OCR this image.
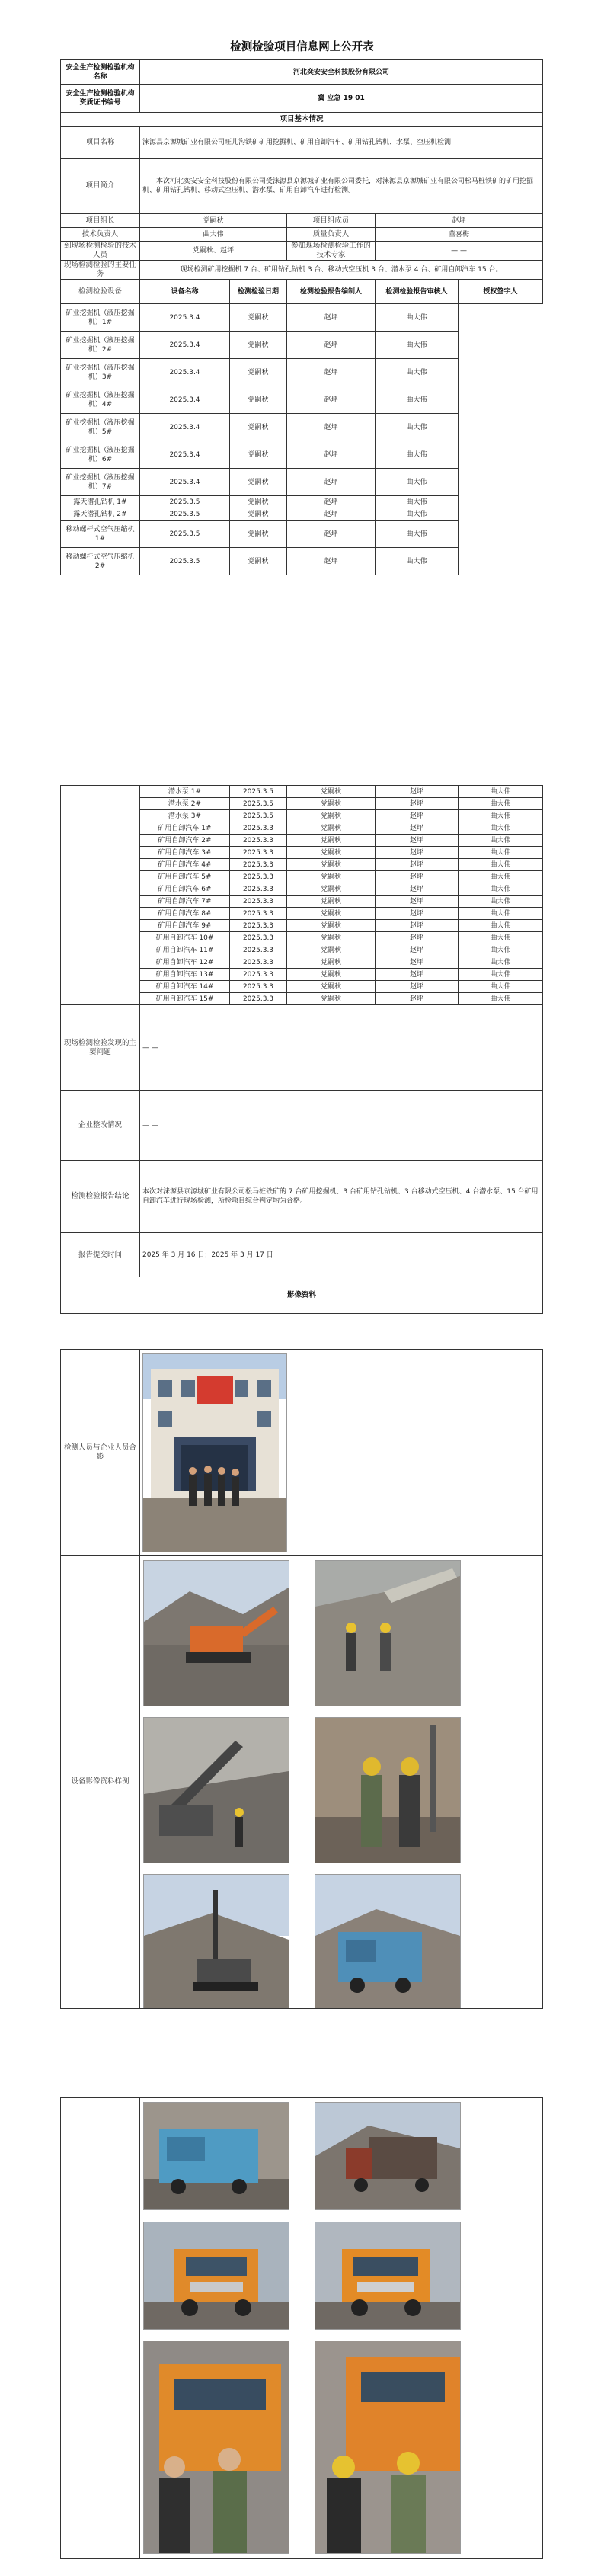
检测检验项目信息网上公开表
安全生产检测检验机构名称	河北奕安安全科技股份有限公司				
安全生产检测检验机构资质证书编号	冀 应急 19 01				
项目基本情况					
项目名称	涞源县京源城矿业有限公司旺儿沟铁矿矿用挖掘机、矿用自卸汽车、矿用钻孔钻机、水泵、空压机检测				
项目简介	本次河北奕安安全科技股份有限公司受涞源县京源城矿业有限公司委托，对涞源县京源城矿业有限公司松马桩铁矿的矿用挖掘机、矿用钻孔钻机、移动式空压机、潜水泵、矿用自卸汽车进行检测。				
项目组长	党嗣秋		项目组成员	赵坪	
技术负责人	曲大伟		质量负责人	董喜梅	
到现场检测检验的技术人员	党嗣秋、赵坪		参加现场检测检验工作的技术专家	— —	
现场检测检验的主要任务	现场检测矿用挖掘机 7 台、矿用钻孔钻机 3 台、移动式空压机 3 台、潜水泵 4 台、矿用自卸汽车 15 台。				
检测检验设备	设备名称	检测检验日期	检测检验报告编制人	检测检验报告审核人	授权签字人
矿业挖掘机（液压挖掘机）1#	2025.3.4	党嗣秋	赵坪	曲大伟	
矿业挖掘机（液压挖掘机）2#	2025.3.4	党嗣秋	赵坪	曲大伟	
矿业挖掘机（液压挖掘机）3#	2025.3.4	党嗣秋	赵坪	曲大伟	
矿业挖掘机（液压挖掘机）4#	2025.3.4	党嗣秋	赵坪	曲大伟	
矿业挖掘机（液压挖掘机）5#	2025.3.4	党嗣秋	赵坪	曲大伟	
矿业挖掘机（液压挖掘机）6#	2025.3.4	党嗣秋	赵坪	曲大伟	
矿业挖掘机（液压挖掘机）7#	2025.3.4	党嗣秋	赵坪	曲大伟	
露天潜孔钻机 1#	2025.3.5	党嗣秋	赵坪	曲大伟	
露天潜孔钻机 2#	2025.3.5	党嗣秋	赵坪	曲大伟	
移动螺杆式空气压缩机 1#	2025.3.5	党嗣秋	赵坪	曲大伟	
移动螺杆式空气压缩机 2#	2025.3.5	党嗣秋	赵坪	曲大伟	
	潜水泵 1#	2025.3.5	党嗣秋	赵坪	曲大伟
	潜水泵 2#	2025.3.5	党嗣秋	赵坪	曲大伟
	潜水泵 3#	2025.3.5	党嗣秋	赵坪	曲大伟
	矿用自卸汽车 1#	2025.3.3	党嗣秋	赵坪	曲大伟
	矿用自卸汽车 2#	2025.3.3	党嗣秋	赵坪	曲大伟
	矿用自卸汽车 3#	2025.3.3	党嗣秋	赵坪	曲大伟
	矿用自卸汽车 4#	2025.3.3	党嗣秋	赵坪	曲大伟
	矿用自卸汽车 5#	2025.3.3	党嗣秋	赵坪	曲大伟
	矿用自卸汽车 6#	2025.3.3	党嗣秋	赵坪	曲大伟
	矿用自卸汽车 7#	2025.3.3	党嗣秋	赵坪	曲大伟
	矿用自卸汽车 8#	2025.3.3	党嗣秋	赵坪	曲大伟
	矿用自卸汽车 9#	2025.3.3	党嗣秋	赵坪	曲大伟
	矿用自卸汽车 10#	2025.3.3	党嗣秋	赵坪	曲大伟
	矿用自卸汽车 11#	2025.3.3	党嗣秋	赵坪	曲大伟
	矿用自卸汽车 12#	2025.3.3	党嗣秋	赵坪	曲大伟
	矿用自卸汽车 13#	2025.3.3	党嗣秋	赵坪	曲大伟
	矿用自卸汽车 14#	2025.3.3	党嗣秋	赵坪	曲大伟
	矿用自卸汽车 15#	2025.3.3	党嗣秋	赵坪	曲大伟
现场检测检验发现的主要问题	— —				
企业整改情况	— —				
检测检验报告结论	本次对涞源县京源城矿业有限公司松马桩铁矿的 7 台矿用挖掘机、3 台矿用钻孔钻机、3 台移动式空压机、4 台潜水泵、15 台矿用自卸汽车进行现场检测，所检项目综合判定均为合格。				
报告提交时间	2025 年 3 月 16 日；2025 年 3 月 17 日				
影像资料					
检测人员与企业人员合影	

设备影像资料样例	
